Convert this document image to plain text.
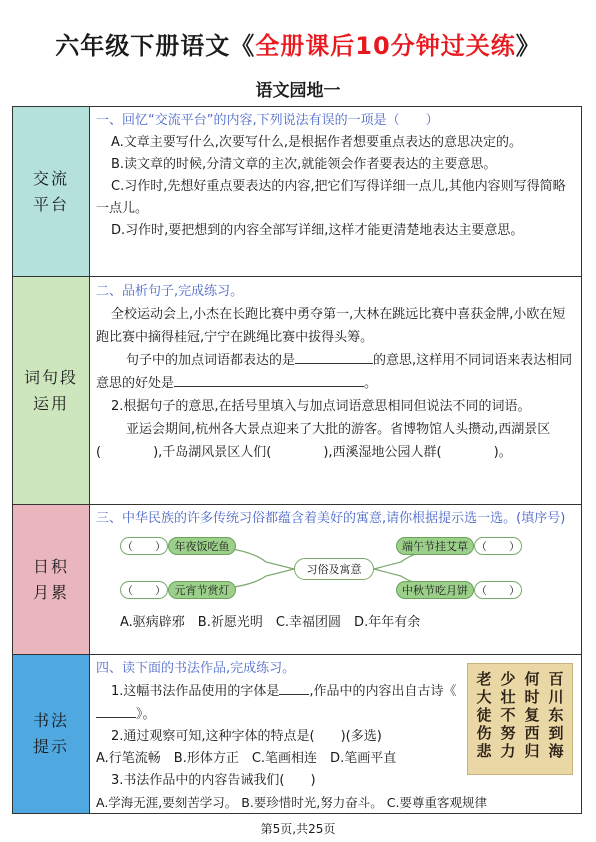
六年级下册语文《全册课后10分钟过关练》
语文园地一
交流
平台
一、回忆“交流平台”的内容,下列说法有误的一项是（　　）

A.文章主要写什么,次要写什么,是根据作者想要重点表达的意思决定的。

B.读文章的时候,分清文章的主次,就能领会作者要表达的主要意思。

C.习作时,先想好重点要表达的内容,把它们写得详细一点儿,其他内容则写得简略一点儿。

D.习作时,要把想到的内容全部写详细,这样才能更清楚地表达主要意思。

词句段
运用
二、品析句子,完成练习。

全校运动会上,小杰在长跑比赛中勇夺第一,大林在跳远比赛中喜获金牌,小欧在短跑比赛中摘得桂冠,宁宁在跳绳比赛中拔得头筹。

句子中的加点词语都表达的是	的意思,这样用不同词语来表达相同意思的好处是	。

2.根据句子的意思,在括号里填入与加点词语意思相同但说法不同的词语。

亚运会期间,杭州各大景点迎来了大批的游客。省博物馆人头攒动,西湖景区(　　　　),千岛湖风景区人们(　　　　),西溪湿地公园人群(　　　　)。

日积
月累
三、中华民族的许多传统习俗都蕴含着美好的寓意,请你根据提示选一选。(填序号)
（　　） 年夜饭吃鱼
（　　） 元宵节赏灯
习俗及寓意
端午节挂艾草 （　　）
中秋节吃月饼 （　　）

A.驱病辟邪　B.祈愿光明　C.幸福团圆　D.年年有余

书法
提示
四、读下面的书法作品,完成练习。

1.这幅书法作品使用的字体是 ,作品中的内容出自古诗《》。

2.通过观察可知,这种字体的特点是(　　)(多选)

A.行笔流畅　B.形体方正　C.笔画相连　D.笔画平直

3.书法作品中的内容告诫我们(　　)

A.学海无涯,要刻苦学习。 B.要珍惜时光,努力奋斗。 C.要尊重客观规律

百川东到海
何时复西归
少壮不努力
老大徒伤悲
第5页,共25页
